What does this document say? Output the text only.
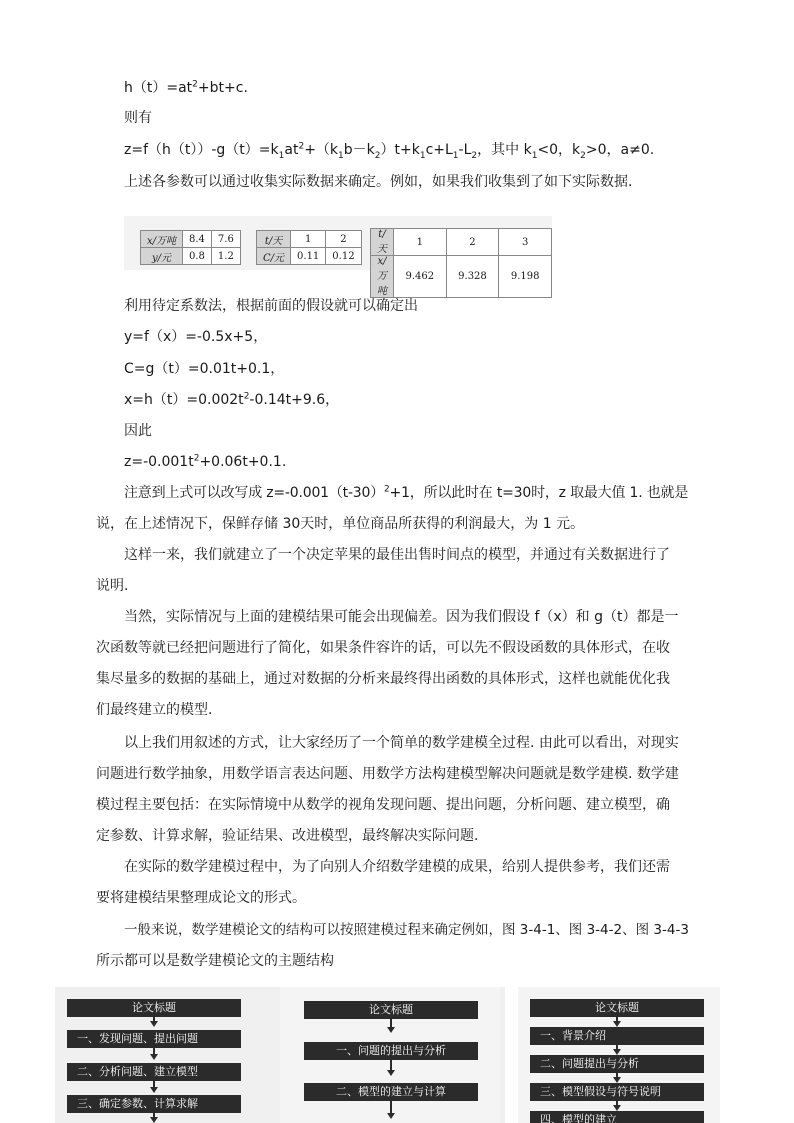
$h(t)=at^2+bt+c$.
则有
$z=f(h(t))-g(t)=k_1at^2+(k_1b-k_2)t+k_1c+L_1-L_2$，其中 $k_1<0$，$k_2>0$，a≠0.
上述各参数可以通过收集实际数据来确定。例如，如果我们收集到了如下实际数据.
x/万吨	8.4	7.6
y/元	0.8	1.2
t/天	1	2
C/元	0.11	0.12
t/天	1	2	3
x/万吨	9.462	9.328	9.198
利用待定系数法，根据前面的假设就可以确定出
y=f（x）=-0.5x+5，
C=g（t）=0.01t+0.1，
$x=h(t)=0.002t^2-0.14t+9.6$，
因此
$z=-0.001t^2+0.06t+0.1$.
注意到上式可以改写成 $z=-0.001(t-30)^2+1$，所以此时在 t=30时，z 取最大值 1. 也就是
说，在上述情况下，保鲜存储 30天时，单位商品所获得的利润最大，为 1 元。
这样一来，我们就建立了一个决定苹果的最佳出售时间点的模型，并通过有关数据进行了
说明.
当然，实际情况与上面的建模结果可能会出现偏差。因为我们假设 f（x）和 g（t）都是一
次函数等就已经把问题进行了简化，如果条件容许的话，可以先不假设函数的具体形式，在收
集尽量多的数据的基础上，通过对数据的分析来最终得出函数的具体形式，这样也就能优化我
们最终建立的模型.
以上我们用叙述的方式，让大家经历了一个简单的数学建模全过程. 由此可以看出，对现实
问题进行数学抽象，用数学语言表达问题、用数学方法构建模型解决问题就是数学建模. 数学建
模过程主要包括：在实际情境中从数学的视角发现问题、提出问题，分析问题、建立模型，确
定参数、计算求解，验证结果、改进模型，最终解决实际问题.
在实际的数学建模过程中，为了向别人介绍数学建模的成果，给别人提供参考，我们还需
要将建模结果整理成论文的形式。
一般来说，数学建模论文的结构可以按照建模过程来确定例如，图 3-4-1、图 3-4-2、图 3-4-3
所示都可以是数学建模论文的主题结构
论文标题
一、发现问题、提出问题
二、分析问题、建立模型
三、确定参数、计算求解
论文标题
一、问题的提出与分析
二、模型的建立与计算
论文标题
一、背景介绍
二、问题提出与分析
三、模型假设与符号说明
四、模型的建立
